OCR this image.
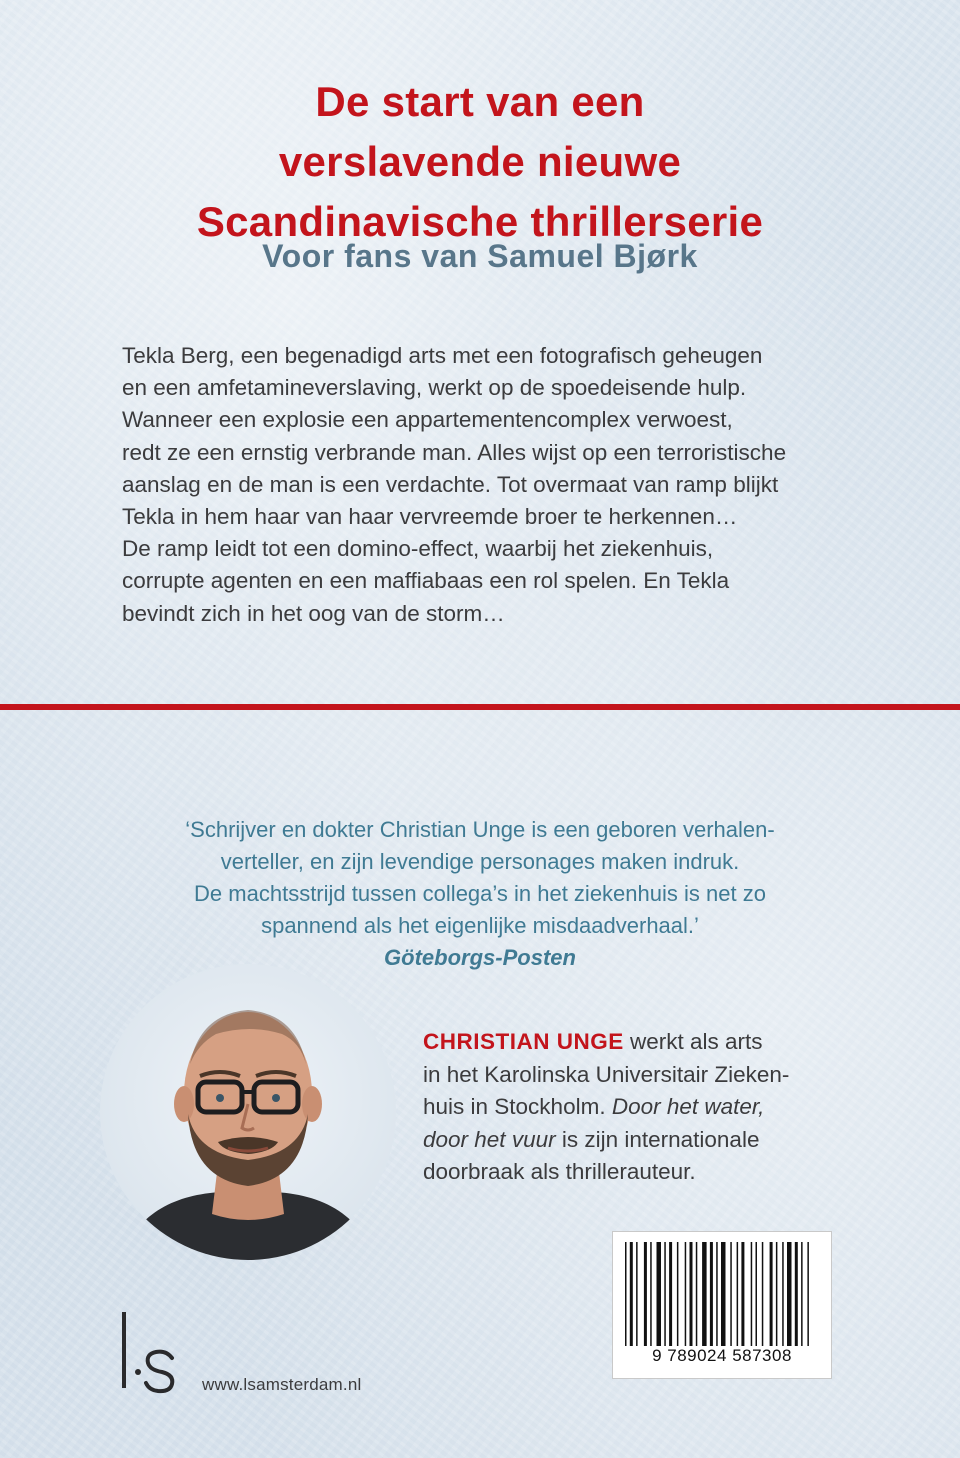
De start van een
verslavende nieuwe
Scandinavische thrillerserie
Voor fans van Samuel Bjørk
Tekla Berg, een begenadigd arts met een fotografisch geheugen
en een amfetamineverslaving, werkt op de spoedeisende hulp.
Wanneer een explosie een appartementencomplex verwoest,
redt ze een ernstig verbrande man. Alles wijst op een terroristische
aanslag en de man is een verdachte. Tot overmaat van ramp blijkt
Tekla in hem haar van haar vervreemde broer te herkennen…
De ramp leidt tot een domino-effect, waarbij het ziekenhuis,
corrupte agenten en een maffiabaas een rol spelen. En Tekla
bevindt zich in het oog van de storm…
‘Schrijver en dokter Christian Unge is een geboren verhalen-
verteller, en zijn levendige personages maken indruk.
De machtsstrijd tussen collega’s in het ziekenhuis is net zo
spannend als het eigenlijke misdaadverhaal.’
Göteborgs-Posten
CHRISTIAN UNGE werkt als arts
in het Karolinska Universitair Zieken-
huis in Stockholm. Door het water,
door het vuur is zijn internationale
doorbraak als thrillerauteur.
9 789024 587308
www.lsamsterdam.nl
